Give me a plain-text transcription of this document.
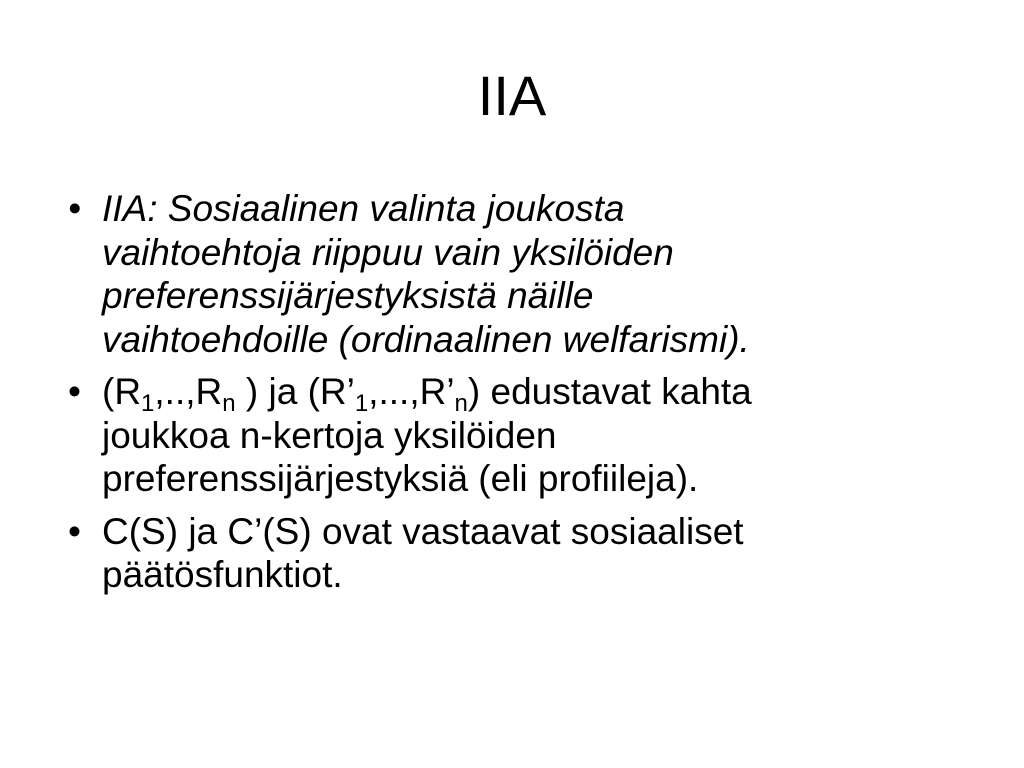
IIA
• IIA: Sosiaalinen valinta joukosta
vaihtoehtoja riippuu vain yksilöiden
preferenssijärjestyksistä näille
vaihtoehdoille (ordinaalinen welfarismi).
• ($R_1,..,R_n$ ) ja $(R’_1,...,R’_n)$ edustavat kahta
joukkoa n-kertoja yksilöiden
preferenssijärjestyksiä (eli profiileja).
• C(S) ja C’(S) ovat vastaavat sosiaaliset
päätösfunktiot.
